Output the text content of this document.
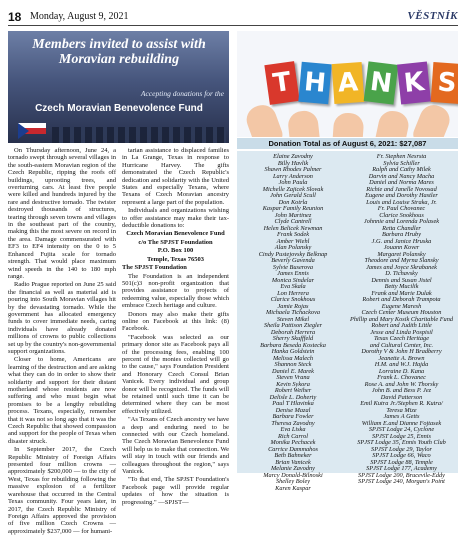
18 Monday, August 9, 2021	VĚSTNÍK
Members invited to assist with Moravian rebuilding
Accepting donations for the
Czech Moravian Benevolence Fund

On Thursday afternoon, June 24, a tornado swept through several villages in the south-eastern Moravian region of the Czech Republic, ripping the roofs off buildings, uprooting trees, and overturning cars. At least five people were killed and hundreds injured by the rare and destructive tornado. The twister destroyed thousands of structures, tearing through seven towns and villages in the southeast part of the country, making this the most severe on record in the area. Damage commensurated with EF3 to EF4 intensity on the 0 to 5 Enhanced Fujita scale for tornado strength. That would place maximum wind speeds in the 140 to 180 mph range.

Radio Prague reported on June 25 said the financial as well as material aid is pouring into South Moravian villages hit by the devastating tornado. While the government has allocated emergency funds to cover immediate needs, caring individuals have already donated millions of crowns to public collections set up by the country's non-governmental support organizations.

Closer to home, Americans are learning of the destruction and are asking what they can do in order to show their solidarity and support for their distant motherland whose residents are now suffering and who must begin what promises to be a lengthy rebuilding process. Texans, especially, remember that it was not so long ago that it was the Czech Republic that showed compassion and support for the people of Texas when disaster struck.

In September 2017, the Czech Republic Ministry of Foreign Affairs presented four million crowns — approximately $200,000 — to the city of West, Texas for rebuilding following the massive explosion of a fertilizer warehouse that occurred in the Central Texas community. Four years later, in 2017, the Czech Republic Ministry of Foreign Affairs approved the provision of five million Czech Crowns — approximately $237,000 — for humani-

tarian assistance to displaced families in La Grange, Texas in response to Hurricane Harvey. The gifts demonstrated the Czech Republic's dedication and solidarity with the United States and especially Texans, where Texans of Czech Moravian ancestry represent a large part of the population.

Individuals and organizations wishing to offer assistance may make their tax-deductible donations to:

Czech Moravian Benevolence Fund

c/o The SPJST Foundation

P.O. Box 100

Temple, Texas 76503

The SPJST Foundation

The Foundation is an independent 501(c)3 non-profit organization that provides assistance to projects of redeeming value, especially those which embrace Czech heritage and culture.

Donors may also make their gifts online on Facebook at this link: (8) Facebook.

"Facebook was selected as our primary donor site as Facebook pays all of the processing fees, enabling 100 percent of the monies collected will go to the cause," says Foundation President and Honorary Czech Consul Brian Vanicek. Every individual and group donor will be recognized. The funds will be retained until such time it can be determined where they can be most effectively utilized.

"As Texans of Czech ancestry we have a deep and enduring need to be connected with our Czech homeland. The Czech Moravian Benevolence Fund will help us to make that connection. We will stay in touch with our friends and colleagues throughout the region," says Vanicek.

"To that end, The SPJST Foundation's Facebook page will provide regular updates of how the situation is progressing." —SPJST—

T H A N K S
Donation Total as of August 6, 2021: $27,087
Elaine Zavodny
Billy Havlik
Shawn Rhodes Palmer
Larry Anderson
John Paula
Michelle Zajicek Slovak
John Gerald Scull
Don Kotrla
Kaspar Family Reunion
John Martinez
Clyde Cantrell
Helen Belicek Newman
Frank Sodek
Amber Wiehl
Alan Polansky
Cindy Pustejovsky Belknap
Beverly Gavenda
Sylvie Buserova
James Ennis
Monica Sindelar
Eva Skala
Lon Herrera
Clarice Snokhous
Jamie Rojas
Michaela Tichackova
Steven Mikel
Sheila Pattison Ziegler
Deborah Herrera
Sherry Skufffeld
Barbara Beseda Kostecka
Hanka Goldstein
Melissa Malech
Shannon Steck
Daniel E. Marek
Steven Vrana
Kevin Sykora
Robert Weiher
Delisle L. Doherty
Paul T Hlavinka
Denise Mazal
Barbara Fowler
Theresa Zavodny
Eva Liska
Rich Carrol
Monika Pechacek
Carrice Dammahos
Beth Bahneker
Brian Vanicek
Melanie Zavodny
Marcy Donald-Bilnoski
Shelley Boley
Karen Kaspar
Fr. Stephen Nesrsta
Sylvia Schiller
Ralph and Cathy Milek
Darvin and Nancy Macha
Daniel and Norma Mares
Richie and Janelle Novosad
Eugene and Dorothy Hastler
Louis and Louise Straka, Jr.
Fr. Paul Chovanec
Clarice Snokhous
Johnnie and Lorenda Polasek
Retta Chandler
Barbara Hruby
J.G. and Janice Hruska
Jouann Kover
Margaret Polansky
Theodore and Myrna Slansky
James and Joyce Skrabanek
D. Tichavsky
Dennis and Susan Jistel
Betty Mucilik
Frank and Marie Dulak
Robert and Deborah Trampota
Eugene Maresh
Czech Center Museum Houston
Phillip and Mary Kosik Charitable Fund
Robert and Judith Little
Jesse and Linda Pospisil
Texas Czech Heritage
and Cultural Center, Inc.
Dorothy V & John H Bradberry
Jeanette A. Brown
H.M. and W.J. Hajda
Lorraine D. Kana
Frank L. Chovanec
Rose A. and John W. Thorsky
John B. and Bess P. Jez
David Patterson
Emil Kutra Jr./Stephen R. Kutra/
Teresa Mize
James A Getts
William E.and Dianne Fojtasek
SPJST Lodge 24, Cyclone
SPJST Lodge 25, Ennis
SPJST Lodge 35, Ennis Youth Club
SPJST Lodge 29, Taylor
SPJST Lodge 66, Waco
SPJST Lodge 88, Temple
SPJST Lodge 177, Academy
SPJST Lodge 200, Brucevile-Eddy
SPJST Lodge 240, Morgan's Point
